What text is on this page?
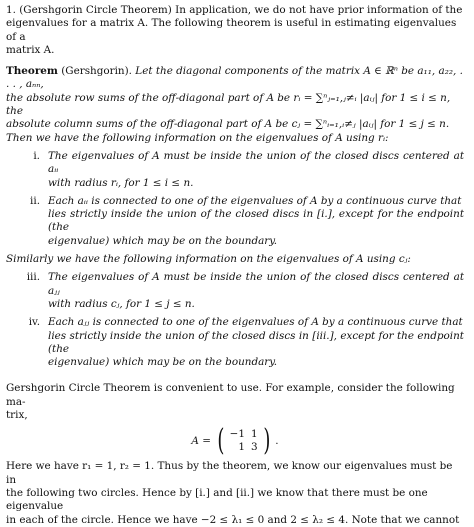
1. (Gershgorin Circle Theorem) In application, we do not have prior information of the

eigenvalues for a matrix A. The following theorem is useful in estimating eigenvalues of a

matrix A.

Theorem (Gershgorin). Let the diagonal components of the matrix A ∈ ℝⁿ be a₁₁, a₂₂, . . . , aₙₙ,

the absolute row sums of the off-diagonal part of A be rᵢ = ∑ⁿⱼ₌₁,ⱼ≠ᵢ |aᵢⱼ| for 1 ≤ i ≤ n, the

absolute column sums of the off-diagonal part of A be cⱼ = ∑ⁿᵢ₌₁,ᵢ≠ⱼ |aᵢⱼ| for 1 ≤ j ≤ n.

Then we have the following information on the eigenvalues of A using rᵢ:

i. The eigenvalues of A must be inside the union of the closed discs centered at aᵢᵢ

with radius rᵢ, for 1 ≤ i ≤ n.

ii. Each aᵢᵢ is connected to one of the eigenvalues of A by a continuous curve that

lies strictly inside the union of the closed discs in [i.], except for the endpoint (the

eigenvalue) which may be on the boundary.

Similarly we have the following information on the eigenvalues of A using cⱼ:

iii. The eigenvalues of A must be inside the union of the closed discs centered at aⱼⱼ

with radius cⱼ, for 1 ≤ j ≤ n.

iv. Each aⱼⱼ is connected to one of the eigenvalues of A by a continuous curve that

lies strictly inside the union of the closed discs in [iii.], except for the endpoint (the

eigenvalue) which may be on the boundary.

Gershgorin Circle Theorem is convenient to use. For example, consider the following ma-

trix,

A = ( −1	1
1	3 ) .

Here we have r₁ = 1, r₂ = 1. Thus by the theorem, we know our eigenvalues must be in

the following two circles. Hence by [i.] and [ii.] we know that there must be one eigenvalue

in each of the circle. Hence we have −2 ≤ λ₁ ≤ 0 and 2 ≤ λ₂ ≤ 4. Note that we cannot
